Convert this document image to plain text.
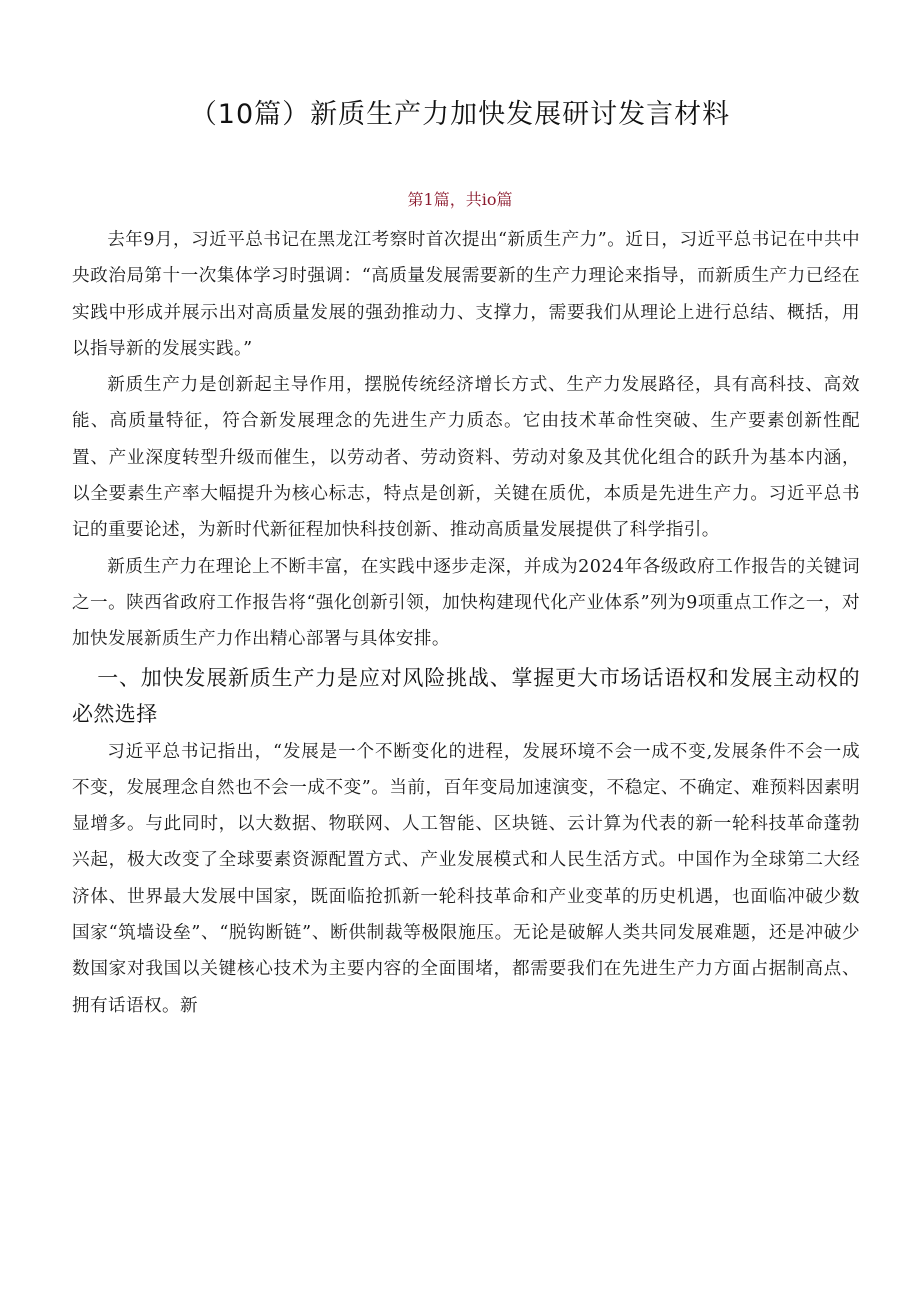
（10篇）新质生产力加快发展研讨发言材料
第1篇，共io篇

去年9月，习近平总书记在黑龙江考察时首次提出“新质生产力”。近日，习近平总书记在中共中央政治局第十一次集体学习时强调：“高质量发展需要新的生产力理论来指导，而新质生产力已经在实践中形成并展示出对高质量发展的强劲推动力、支撑力，需要我们从理论上进行总结、概括，用以指导新的发展实践。”

新质生产力是创新起主导作用，摆脱传统经济增长方式、生产力发展路径，具有高科技、高效能、高质量特征，符合新发展理念的先进生产力质态。它由技术革命性突破、生产要素创新性配置、产业深度转型升级而催生，以劳动者、劳动资料、劳动对象及其优化组合的跃升为基本内涵，以全要素生产率大幅提升为核心标志，特点是创新，关键在质优，本质是先进生产力。习近平总书记的重要论述，为新时代新征程加快科技创新、推动高质量发展提供了科学指引。

新质生产力在理论上不断丰富，在实践中逐步走深，并成为2024年各级政府工作报告的关键词之一。陕西省政府工作报告将“强化创新引领，加快构建现代化产业体系”列为9项重点工作之一，对加快发展新质生产力作出精心部署与具体安排。

一、加快发展新质生产力是应对风险挑战、掌握更大市场话语权和发展主动权的必然选择

习近平总书记指出，“发展是一个不断变化的进程，发展环境不会一成不变,发展条件不会一成不变，发展理念自然也不会一成不变”。当前，百年变局加速演变，不稳定、不确定、难预料因素明显增多。与此同时，以大数据、物联网、人工智能、区块链、云计算为代表的新一轮科技革命蓬勃兴起，极大改变了全球要素资源配置方式、产业发展模式和人民生活方式。中国作为全球第二大经济体、世界最大发展中国家，既面临抢抓新一轮科技革命和产业变革的历史机遇，也面临冲破少数国家“筑墙设垒”、“脱钩断链”、断供制裁等极限施压。无论是破解人类共同发展难题，还是冲破少数国家对我国以关键核心技术为主要内容的全面围堵，都需要我们在先进生产力方面占据制高点、拥有话语权。新
